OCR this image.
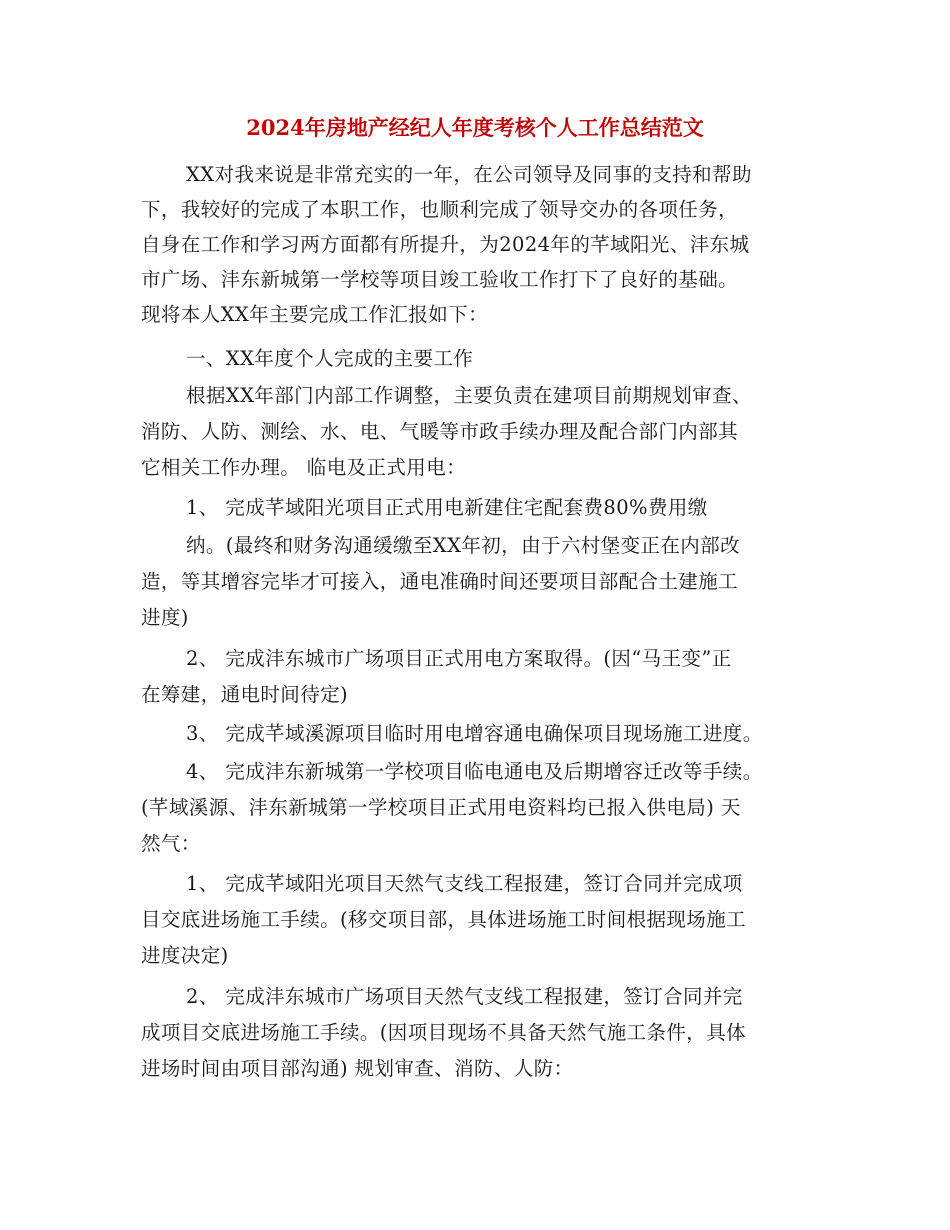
2024年房地产经纪人年度考核个人工作总结范文
XX对我来说是非常充实的一年，在公司领导及同事的支持和帮助
下，我较好的完成了本职工作，也顺利完成了领导交办的各项任务，
自身在工作和学习两方面都有所提升，为2024年的芊域阳光、沣东城
市广场、沣东新城第一学校等项目竣工验收工作打下了良好的基础。
现将本人XX年主要完成工作汇报如下：
一、XX年度个人完成的主要工作
根据XX年部门内部工作调整，主要负责在建项目前期规划审查、
消防、人防、测绘、水、电、气暖等市政手续办理及配合部门内部其
它相关工作办理。 临电及正式用电：
1、 完成芊域阳光项目正式用电新建住宅配套费80%费用缴
纳。(最终和财务沟通缓缴至XX年初，由于六村堡变正在内部改
造，等其增容完毕才可接入，通电准确时间还要项目部配合土建施工
进度)
2、 完成沣东城市广场项目正式用电方案取得。(因“马王变”正
在筹建，通电时间待定)
3、 完成芊域溪源项目临时用电增容通电确保项目现场施工进度。
4、 完成沣东新城第一学校项目临电通电及后期增容迁改等手续。
(芊域溪源、沣东新城第一学校项目正式用电资料均已报入供电局) 天
然气：
1、 完成芊域阳光项目天然气支线工程报建，签订合同并完成项
目交底进场施工手续。(移交项目部，具体进场施工时间根据现场施工
进度决定)
2、 完成沣东城市广场项目天然气支线工程报建，签订合同并完
成项目交底进场施工手续。(因项目现场不具备天然气施工条件，具体
进场时间由项目部沟通) 规划审查、消防、人防：
